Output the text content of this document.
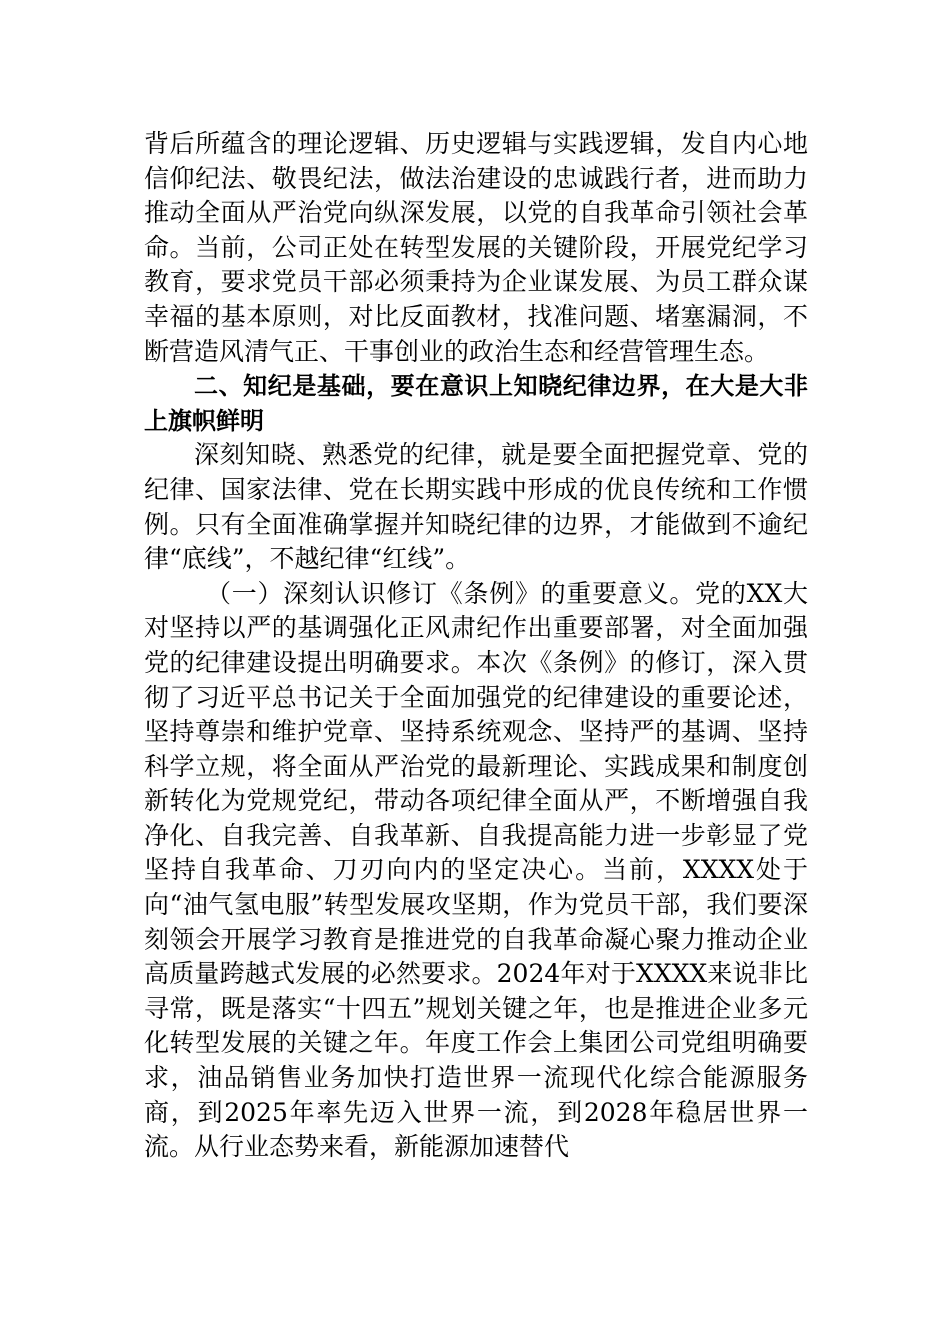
背后所蕴含的理论逻辑、历史逻辑与实践逻辑，发自内心地信仰纪法、敬畏纪法，做法治建设的忠诚践行者，进而助力推动全面从严治党向纵深发展，以党的自我革命引领社会革命。当前，公司正处在转型发展的关键阶段，开展党纪学习教育，要求党员干部必须秉持为企业谋发展、为员工群众谋幸福的基本原则，对比反面教材，找准问题、堵塞漏洞，不断营造风清气正、干事创业的政治生态和经营管理生态。

二、知纪是基础，要在意识上知晓纪律边界，在大是大非上旗帜鲜明

深刻知晓、熟悉党的纪律，就是要全面把握党章、党的纪律、国家法律、党在长期实践中形成的优良传统和工作惯例。只有全面准确掌握并知晓纪律的边界，才能做到不逾纪律“底线”，不越纪律“红线”。

（一）深刻认识修订《条例》的重要意义。党的XX大对坚持以严的基调强化正风肃纪作出重要部署，对全面加强党的纪律建设提出明确要求。本次《条例》的修订，深入贯彻了习近平总书记关于全面加强党的纪律建设的重要论述，坚持尊崇和维护党章、坚持系统观念、坚持严的基调、坚持科学立规，将全面从严治党的最新理论、实践成果和制度创新转化为党规党纪，带动各项纪律全面从严，不断增强自我净化、自我完善、自我革新、自我提高能力进一步彰显了党坚持自我革命、刀刃向内的坚定决心。当前，XXXX处于向“油气氢电服”转型发展攻坚期，作为党员干部，我们要深刻领会开展学习教育是推进党的自我革命凝心聚力推动企业高质量跨越式发展的必然要求。2024年对于XXXX来说非比寻常，既是落实“十四五”规划关键之年，也是推进企业多元化转型发展的关键之年。年度工作会上集团公司党组明确要求，油品销售业务加快打造世界一流现代化综合能源服务商，到2025年率先迈入世界一流，到2028年稳居世界一流。从行业态势来看，新能源加速替代
